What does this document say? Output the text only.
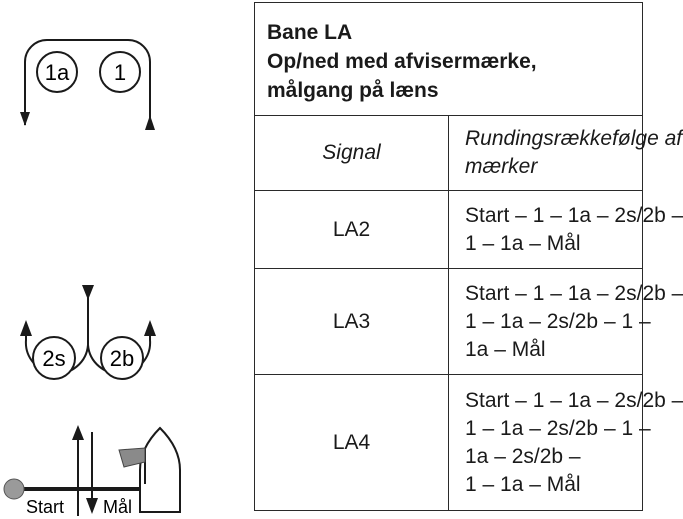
1a 1
2s 2b
Start Mål
Bane LA
Op/ned med afvisermærke,
målgang på læns	

Signal	Rundingsrækkefølge af
mærker

LA2	Start – 1 – 1a – 2s/2b –
1 – 1a – Mål

LA3	Start – 1 – 1a – 2s/2b –
1 – 1a – 2s/2b – 1 –
1a – Mål

LA4	Start – 1 – 1a – 2s/2b –
1 – 1a – 2s/2b – 1 –
1a – 2s/2b –
1 – 1a – Mål
